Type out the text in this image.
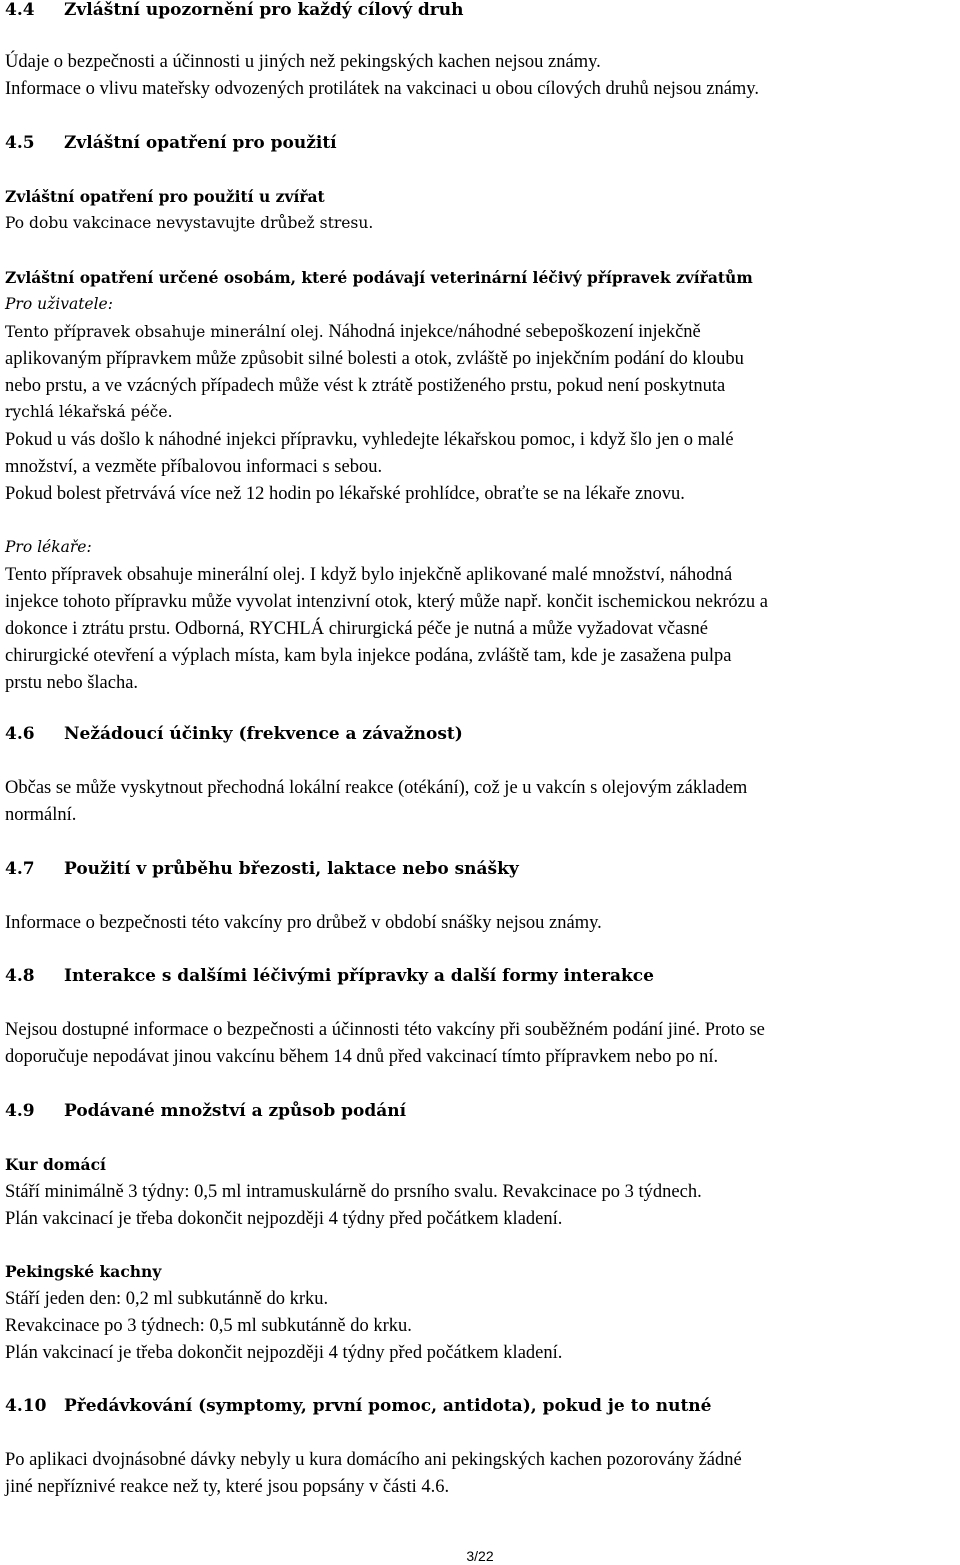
4.4 Zvláštní upozornění pro každý cílový druh
Údaje o bezpečnosti a účinnosti u jiných než pekingských kachen nejsou známy.
Informace o vlivu mateřsky odvozených protilátek na vakcinaci u obou cílových druhů nejsou známy.
4.5 Zvláštní opatření pro použití
Zvláštní opatření pro použití u zvířat
Po dobu vakcinace nevystavujte drůbež stresu.
Zvláštní opatření určené osobám, které podávají veterinární léčivý přípravek zvířatům
Pro uživatele:
Tento přípravek obsahuje minerální olej. Náhodná injekce/náhodné sebepoškození injekčně
aplikovaným přípravkem může způsobit silné bolesti a otok, zvláště po injekčním podání do kloubu
nebo prstu, a ve vzácných případech může vést k ztrátě postiženého prstu, pokud není poskytnuta
rychlá lékařská péče.
Pokud u vás došlo k náhodné injekci přípravku, vyhledejte lékařskou pomoc, i když šlo jen o malé
množství, a vezměte příbalovou informaci s sebou.
Pokud bolest přetrvává více než 12 hodin po lékařské prohlídce, obraťte se na lékaře znovu.
Pro lékaře:
Tento přípravek obsahuje minerální olej. I když bylo injekčně aplikované malé množství, náhodná
injekce tohoto přípravku může vyvolat intenzivní otok, který může např. končit ischemickou nekrózu a
dokonce i ztrátu prstu. Odborná, RYCHLÁ chirurgická péče je nutná a může vyžadovat včasné
chirurgické otevření a výplach místa, kam byla injekce podána, zvláště tam, kde je zasažena pulpa
prstu nebo šlacha.
4.6 Nežádoucí účinky (frekvence a závažnost)
Občas se může vyskytnout přechodná lokální reakce (otékání), což je u vakcín s olejovým základem
normální.
4.7 Použití v průběhu březosti, laktace nebo snášky
Informace o bezpečnosti této vakcíny pro drůbež v období snášky nejsou známy.
4.8 Interakce s dalšími léčivými přípravky a další formy interakce
Nejsou dostupné informace o bezpečnosti a účinnosti této vakcíny při souběžném podání jiné. Proto se
doporučuje nepodávat jinou vakcínu během 14 dnů před vakcinací tímto přípravkem nebo po ní.
4.9 Podávané množství a způsob podání
Kur domácí
Stáří minimálně 3 týdny: 0,5 ml intramuskulárně do prsního svalu. Revakcinace po 3 týdnech.
Plán vakcinací je třeba dokončit nejpozději 4 týdny před počátkem kladení.
Pekingské kachny
Stáří jeden den: 0,2 ml subkutánně do krku.
Revakcinace po 3 týdnech: 0,5 ml subkutánně do krku.
Plán vakcinací je třeba dokončit nejpozději 4 týdny před počátkem kladení.
4.10 Předávkování (symptomy, první pomoc, antidota), pokud je to nutné
Po aplikaci dvojnásobné dávky nebyly u kura domácího ani pekingských kachen pozorovány žádné
jiné nepříznivé reakce než ty, které jsou popsány v části 4.6.
3/22
